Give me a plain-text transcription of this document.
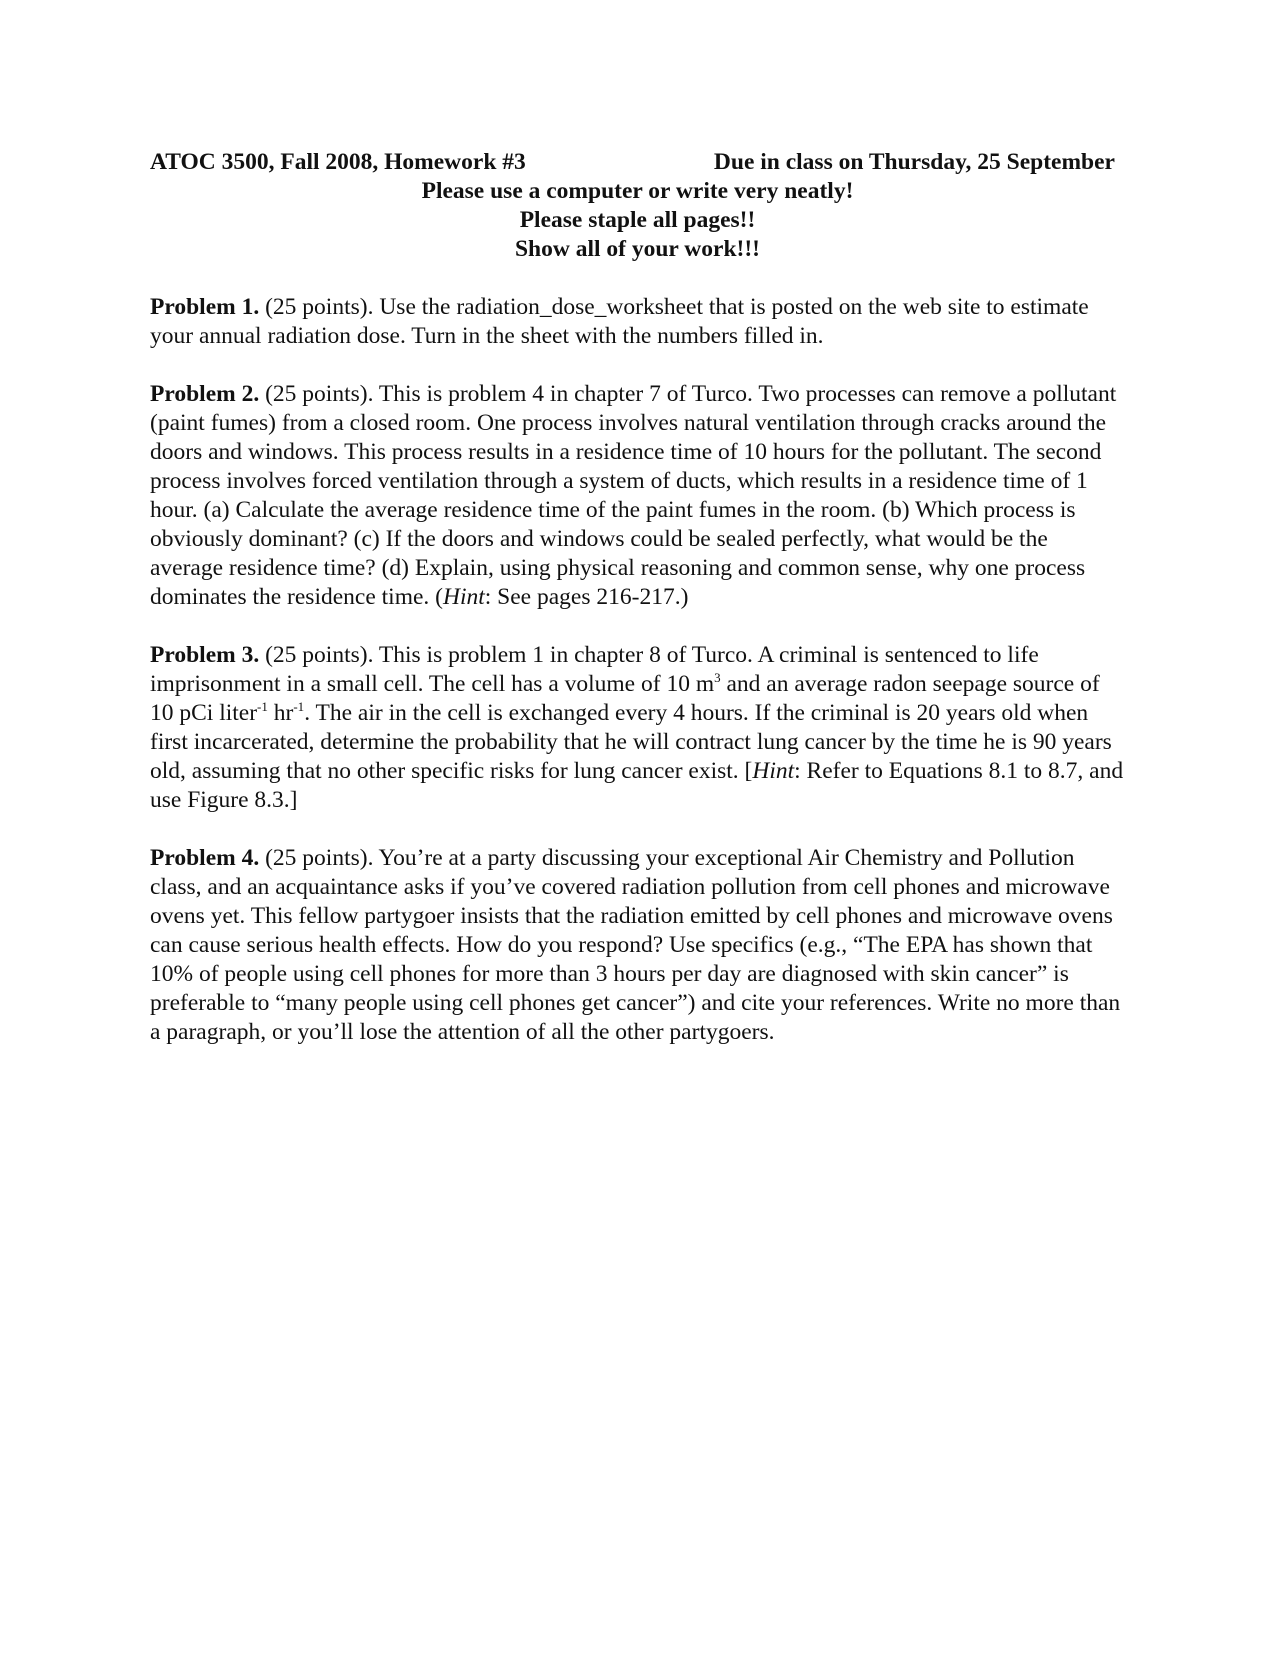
ATOC 3500, Fall 2008, Homework #3	Due in class on Thursday, 25 September
Please use a computer or write very neatly!
Please staple all pages!!
Show all of your work!!!

Problem 1. (25 points). Use the radiation_dose_worksheet that is posted on the web site to estimate your annual radiation dose. Turn in the sheet with the numbers filled in.

Problem 2. (25 points). This is problem 4 in chapter 7 of Turco. Two processes can remove a pollutant (paint fumes) from a closed room. One process involves natural ventilation through cracks around the doors and windows. This process results in a residence time of 10 hours for the pollutant. The second process involves forced ventilation through a system of ducts, which results in a residence time of 1 hour. (a) Calculate the average residence time of the paint fumes in the room. (b) Which process is obviously dominant? (c) If the doors and windows could be sealed perfectly, what would be the average residence time? (d) Explain, using physical reasoning and common sense, why one process dominates the residence time. (Hint: See pages 216-217.)

Problem 3. (25 points). This is problem 1 in chapter 8 of Turco. A criminal is sentenced to life imprisonment in a small cell. The cell has a volume of 10 $m^3$ and an average radon seepage source of 10 pCi liter$^{-1}$ $hr^{-1}$. The air in the cell is exchanged every 4 hours. If the criminal is 20 years old when first incarcerated, determine the probability that he will contract lung cancer by the time he is 90 years old, assuming that no other specific risks for lung cancer exist. [Hint: Refer to Equations 8.1 to 8.7, and use Figure 8.3.]

Problem 4. (25 points). You’re at a party discussing your exceptional Air Chemistry and Pollution class, and an acquaintance asks if you’ve covered radiation pollution from cell phones and microwave ovens yet. This fellow partygoer insists that the radiation emitted by cell phones and microwave ovens can cause serious health effects. How do you respond? Use specifics (e.g., “The EPA has shown that 10% of people using cell phones for more than 3 hours per day are diagnosed with skin cancer” is preferable to “many people using cell phones get cancer”) and cite your references. Write no more than a paragraph, or you’ll lose the attention of all the other partygoers.
